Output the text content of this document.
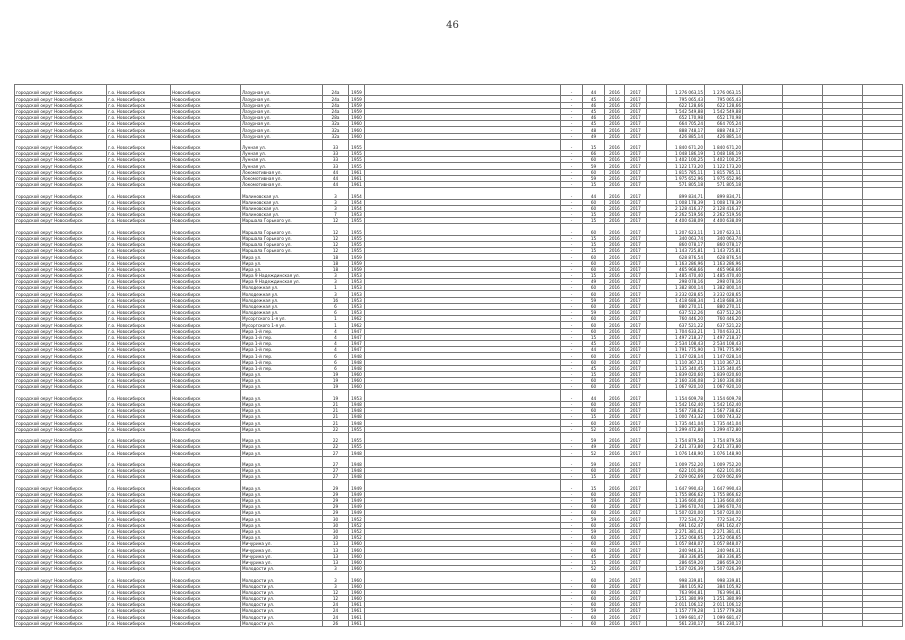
46
городской округ Новосибирск	г.о. Новосибирск	Новосибирск	Лазурная ул.	24а	1959		-	44	2016	2017		1 276 063,15	1 276 063,15				
городской округ Новосибирск	г.о. Новосибирск	Новосибирск	Лазурная ул.	24а	1959		-	45	2016	2017		795 065,43	795 065,43				
городской округ Новосибирск	г.о. Новосибирск	Новосибирск	Лазурная ул.	24а	1959		-	46	2016	2017		622 128,66	622 128,66				
городской округ Новосибирск	г.о. Новосибирск	Новосибирск	Лазурная ул.	24а	1959		-	45	2016	2017		1 542 549,88	1 542 549,88				
городской округ Новосибирск	г.о. Новосибирск	Новосибирск	Лазурная ул.	28а	1960		-	46	2016	2017		652 170,98	652 170,98				
городской округ Новосибирск	г.о. Новосибирск	Новосибирск	Лазурная ул.	32а	1960		-	45	2016	2017		664 705,24	664 705,24				
городской округ Новосибирск	г.о. Новосибирск	Новосибирск	Лазурная ул.	32а	1960		-	48	2016	2017		888 748,17	888 748,17				
городской округ Новосибирск	г.о. Новосибирск	Новосибирск	Лазурная ул.	32а	1960		-	49	2016	2017		426 885,14	426 885,14				
городской округ Новосибирск	г.о. Новосибирск	Новосибирск	Лунная ул.	33	1955		-	15	2016	2017		1 840 671,20	1 840 671,20				
городской округ Новосибирск	г.о. Новосибирск	Новосибирск	Лунная ул.	33	1955		-	66	2016	2017		1 048 186,19	1 048 186,19				
городской округ Новосибирск	г.о. Новосибирск	Новосибирск	Лунная ул.	33	1955		-	60	2016	2017		1 402 100,25	1 402 100,25				
городской округ Новосибирск	г.о. Новосибирск	Новосибирск	Лунная ул.	33	1955		-	59	2016	2017		1 122 173,20	1 122 173,20				
городской округ Новосибирск	г.о. Новосибирск	Новосибирск	Локомотивная ул.	44	1961		-	60	2016	2017		1 815 785,11	1 815 785,11				
городской округ Новосибирск	г.о. Новосибирск	Новосибирск	Локомотивная ул.	44	1961		-	59	2016	2017		1 975 652,96	1 975 652,96				
городской округ Новосибирск	г.о. Новосибирск	Новосибирск	Локомотивная ул.	44	1961		-	15	2016	2017		571 805,18	571 805,18				
городской округ Новосибирск	г.о. Новосибирск	Новосибирск	Малиновская ул.	3	1954		-	44	2016	2017		899 834,71	899 834,71				
городской округ Новосибирск	г.о. Новосибирск	Новосибирск	Малиновская ул.	3	1954		-	60	2016	2017		1 008 178,39	1 008 178,39				
городской округ Новосибирск	г.о. Новосибирск	Новосибирск	Малиновская ул.	3	1954		-	60	2016	2017		2 128 416,37	2 128 416,37				
городской округ Новосибирск	г.о. Новосибирск	Новосибирск	Малиновская ул.	7	1953		-	15	2016	2017		2 262 519,56	2 262 519,56				
городской округ Новосибирск	г.о. Новосибирск	Новосибирск	Маршала Горького ул.	12	1955		-	15	2016	2017		4 400 638,09	4 400 638,09				
городской округ Новосибирск	г.о. Новосибирск	Новосибирск	Маршала Горького ул.	12	1955		-	60	2016	2017		1 207 623,11	1 207 623,11				
городской округ Новосибирск	г.о. Новосибирск	Новосибирск	Маршала Горького ул.	12	1955		-	15	2016	2017		340 063,74	340 063,74				
городской округ Новосибирск	г.о. Новосибирск	Новосибирск	Маршала Горького ул.	12	1955		-	15	2016	2017		860 078,17	860 078,17				
городской округ Новосибирск	г.о. Новосибирск	Новосибирск	Маршала Горького ул.	12	1955		-	15	2016	2017		1 143 725,81	1 143 725,81				
городской округ Новосибирск	г.о. Новосибирск	Новосибирск	Мира ул.	18	1959		-	60	2016	2017		628 876,54	628 876,54				
городской округ Новосибирск	г.о. Новосибирск	Новосибирск	Мира ул.	18	1959		-	60	2016	2017		1 163 286,96	1 163 286,96				
городской округ Новосибирск	г.о. Новосибирск	Новосибирск	Мира ул.	18	1959		-	60	2016	2017		465 968,66	465 968,66				
городской округ Новосибирск	г.о. Новосибирск	Новосибирск	Мира 9 Надеждинская ул.	3	1953		-	15	2016	2017		1 485 470,40	1 485 470,40				
городской округ Новосибирск	г.о. Новосибирск	Новосибирск	Мира 9 Надеждинская ул.	3	1953		-	49	2016	2017		298 078,16	298 078,16				
городской округ Новосибирск	г.о. Новосибирск	Новосибирск	Молодежная ул.	1	1953		-	60	2016	2017		1 382 800,14	1 382 800,14				
городской округ Новосибирск	г.о. Новосибирск	Новосибирск	Молодежная ул.	3	1953		-	60	2016	2017		3 232 028,65	3 232 028,65				
городской округ Новосибирск	г.о. Новосибирск	Новосибирск	Молодежная ул.	1б	1953		-	59	2016	2017		1 418 688,34	1 418 688,34				
городской округ Новосибирск	г.о. Новосибирск	Новосибирск	Молодежная ул.	6	1953		-	60	2016	2017		880 270,11	880 270,11				
городской округ Новосибирск	г.о. Новосибирск	Новосибирск	Молодежная ул.	6	1953		-	59	2016	2017		637 512,26	637 512,26				
городской округ Новосибирск	г.о. Новосибирск	Новосибирск	Мусоргского 1-я ул.	1	1962		-	60	2016	2017		760 446,20	760 446,20				
городской округ Новосибирск	г.о. Новосибирск	Новосибирск	Мусоргского 1-я ул.	1	1962		-	60	2016	2017		637 521,22	637 521,22				
городской округ Новосибирск	г.о. Новосибирск	Новосибирск	Мира 1-й пер.	4	1947		-	60	2016	2017		1 704 633,21	1 704 633,21				
городской округ Новосибирск	г.о. Новосибирск	Новосибирск	Мира 1-й пер.	4	1947		-	15	2016	2017		1 497 218,37	1 497 218,37				
городской округ Новосибирск	г.о. Новосибирск	Новосибирск	Мира 1-й пер.	4	1947		-	45	2016	2017		2 534 108,43	2 534 108,43				
городской округ Новосибирск	г.о. Новосибирск	Новосибирск	Мира 1-й пер.	4	1947		-	44	2016	2017		1 791 775,90	1 791 775,90				
городской округ Новосибирск	г.о. Новосибирск	Новосибирск	Мира 1-й пер.	6	1948		-	60	2016	2017		1 147 028,14	1 147 028,14				
городской округ Новосибирск	г.о. Новосибирск	Новосибирск	Мира 1-й пер.	6	1948		-	60	2016	2017		1 110 367,21	1 110 367,21				
городской округ Новосибирск	г.о. Новосибирск	Новосибирск	Мира 1-й пер.	6	1948		-	45	2016	2017		1 135 340,45	1 135 340,45				
городской округ Новосибирск	г.о. Новосибирск	Новосибирск	Мира ул.	19	1960		-	15	2016	2017		1 839 020,60	1 839 020,60				
городской округ Новосибирск	г.о. Новосибирск	Новосибирск	Мира ул.	19	1960		-	60	2016	2017		2 160 336,08	2 160 336,08				
городской округ Новосибирск	г.о. Новосибирск	Новосибирск	Мира ул.	19	1960		-	60	2016	2017		1 067 920,10	1 067 920,10				
городской округ Новосибирск	г.о. Новосибирск	Новосибирск	Мира ул.	19	1953		-	44	2016	2017		1 154 609,78	1 154 609,78				
городской округ Новосибирск	г.о. Новосибирск	Новосибирск	Мира ул.	21	1948		-	60	2016	2017		1 542 162,40	1 542 162,40				
городской округ Новосибирск	г.о. Новосибирск	Новосибирск	Мира ул.	21	1948		-	60	2016	2017		1 567 738,62	1 567 738,62				
городской округ Новосибирск	г.о. Новосибирск	Новосибирск	Мира ул.	21	1948		-	15	2016	2017		1 000 743,32	1 000 743,32				
городской округ Новосибирск	г.о. Новосибирск	Новосибирск	Мира ул.	21	1948		-	60	2016	2017		1 735 441,04	1 735 441,04				
городской округ Новосибирск	г.о. Новосибирск	Новосибирск	Мира ул.	22	1955		-	52	2016	2017		1 299 472,80	1 299 472,80				
городской округ Новосибирск	г.о. Новосибирск	Новосибирск	Мира ул.	22	1955		-	59	2016	2017		1 754 879,58	1 754 879,58				
городской округ Новосибирск	г.о. Новосибирск	Новосибирск	Мира ул.	22	1955		-	49	2016	2017		2 421 373,80	2 421 373,80				
городской округ Новосибирск	г.о. Новосибирск	Новосибирск	Мира ул.	27	1948		-	52	2016	2017		1 076 148,90	1 076 148,90				
городской округ Новосибирск	г.о. Новосибирск	Новосибирск	Мира ул.	27	1948		-	59	2016	2017		1 009 752,20	1 009 752,20				
городской округ Новосибирск	г.о. Новосибирск	Новосибирск	Мира ул.	27	1948		-	60	2016	2017		622 101,06	622 101,06				
городской округ Новосибирск	г.о. Новосибирск	Новосибирск	Мира ул.	27	1948		-	15	2016	2017		2 029 062,69	2 029 062,69				
городской округ Новосибирск	г.о. Новосибирск	Новосибирск	Мира ул.	29	1949		-	15	2016	2017		1 647 990,43	1 647 990,43				
городской округ Новосибирск	г.о. Новосибирск	Новосибирск	Мира ул.	29	1949		-	60	2016	2017		1 755 866,62	1 755 866,62				
городской округ Новосибирск	г.о. Новосибирск	Новосибирск	Мира ул.	29	1949		-	59	2016	2017		1 136 660,40	1 136 660,40				
городской округ Новосибирск	г.о. Новосибирск	Новосибирск	Мира ул.	29	1949		-	60	2016	2017		1 396 670,74	1 396 670,74				
городской округ Новосибирск	г.о. Новосибирск	Новосибирск	Мира ул.	29	1949		-	60	2016	2017		1 507 020,00	1 507 020,00				
городской округ Новосибирск	г.о. Новосибирск	Новосибирск	Мира ул.	30	1952		-	59	2016	2017		772 534,72	772 534,72				
городской округ Новосибирск	г.о. Новосибирск	Новосибирск	Мира ул.	30	1952		-	60	2016	2017		691 162,47	691 162,47				
городской округ Новосибирск	г.о. Новосибирск	Новосибирск	Мира ул.	30	1952		-	59	2016	2017		2 271 381,41	2 271 381,41				
городской округ Новосибирск	г.о. Новосибирск	Новосибирск	Мира ул.	30	1952		-	60	2016	2017		1 252 068,65	1 252 068,65				
городской округ Новосибирск	г.о. Новосибирск	Новосибирск	Мичурина ул.	13	1960		-	60	2016	2017		1 057 848,07	1 057 848,07				
городской округ Новосибирск	г.о. Новосибирск	Новосибирск	Мичурина ул.	13	1960		-	60	2016	2017		240 946,31	240 946,31				
городской округ Новосибирск	г.о. Новосибирск	Новосибирск	Мичурина ул.	13	1960		-	45	2016	2017		383 336,85	383 336,85				
городской округ Новосибирск	г.о. Новосибирск	Новосибирск	Мичурина ул.	13	1960		-	15	2016	2017		286 659,20	286 659,20				
городской округ Новосибирск	г.о. Новосибирск	Новосибирск	Молодости ул.	3	1960		-	52	2016	2017		1 507 026,39	1 507 026,39				
городской округ Новосибирск	г.о. Новосибирск	Новосибирск	Молодости ул.	3	1960		-	60	2016	2017		998 339,81	998 339,81				
городской округ Новосибирск	г.о. Новосибирск	Новосибирск	Молодости ул.	3	1960		-	60	2016	2017		384 105,92	384 105,92				
городской округ Новосибирск	г.о. Новосибирск	Новосибирск	Молодости ул.	12	1960		-	60	2016	2017		763 994,81	763 994,81				
городской округ Новосибирск	г.о. Новосибирск	Новосибирск	Молодости ул.	12	1960		-	60	2016	2017		1 251 380,99	1 251 380,99				
городской округ Новосибирск	г.о. Новосибирск	Новосибирск	Молодости ул.	24	1961		-	60	2016	2017		2 011 106,12	2 011 106,12				
городской округ Новосибирск	г.о. Новосибирск	Новосибирск	Молодости ул.	24	1961		-	59	2016	2017		1 157 779,28	1 157 779,28				
городской округ Новосибирск	г.о. Новосибирск	Новосибирск	Молодости ул.	24	1961		-	60	2016	2017		1 099 681,47	1 099 681,47				
городской округ Новосибирск	г.о. Новосибирск	Новосибирск	Молодости ул.	26	1961		-	60	2016	2017		561 230,17	561 230,17				
